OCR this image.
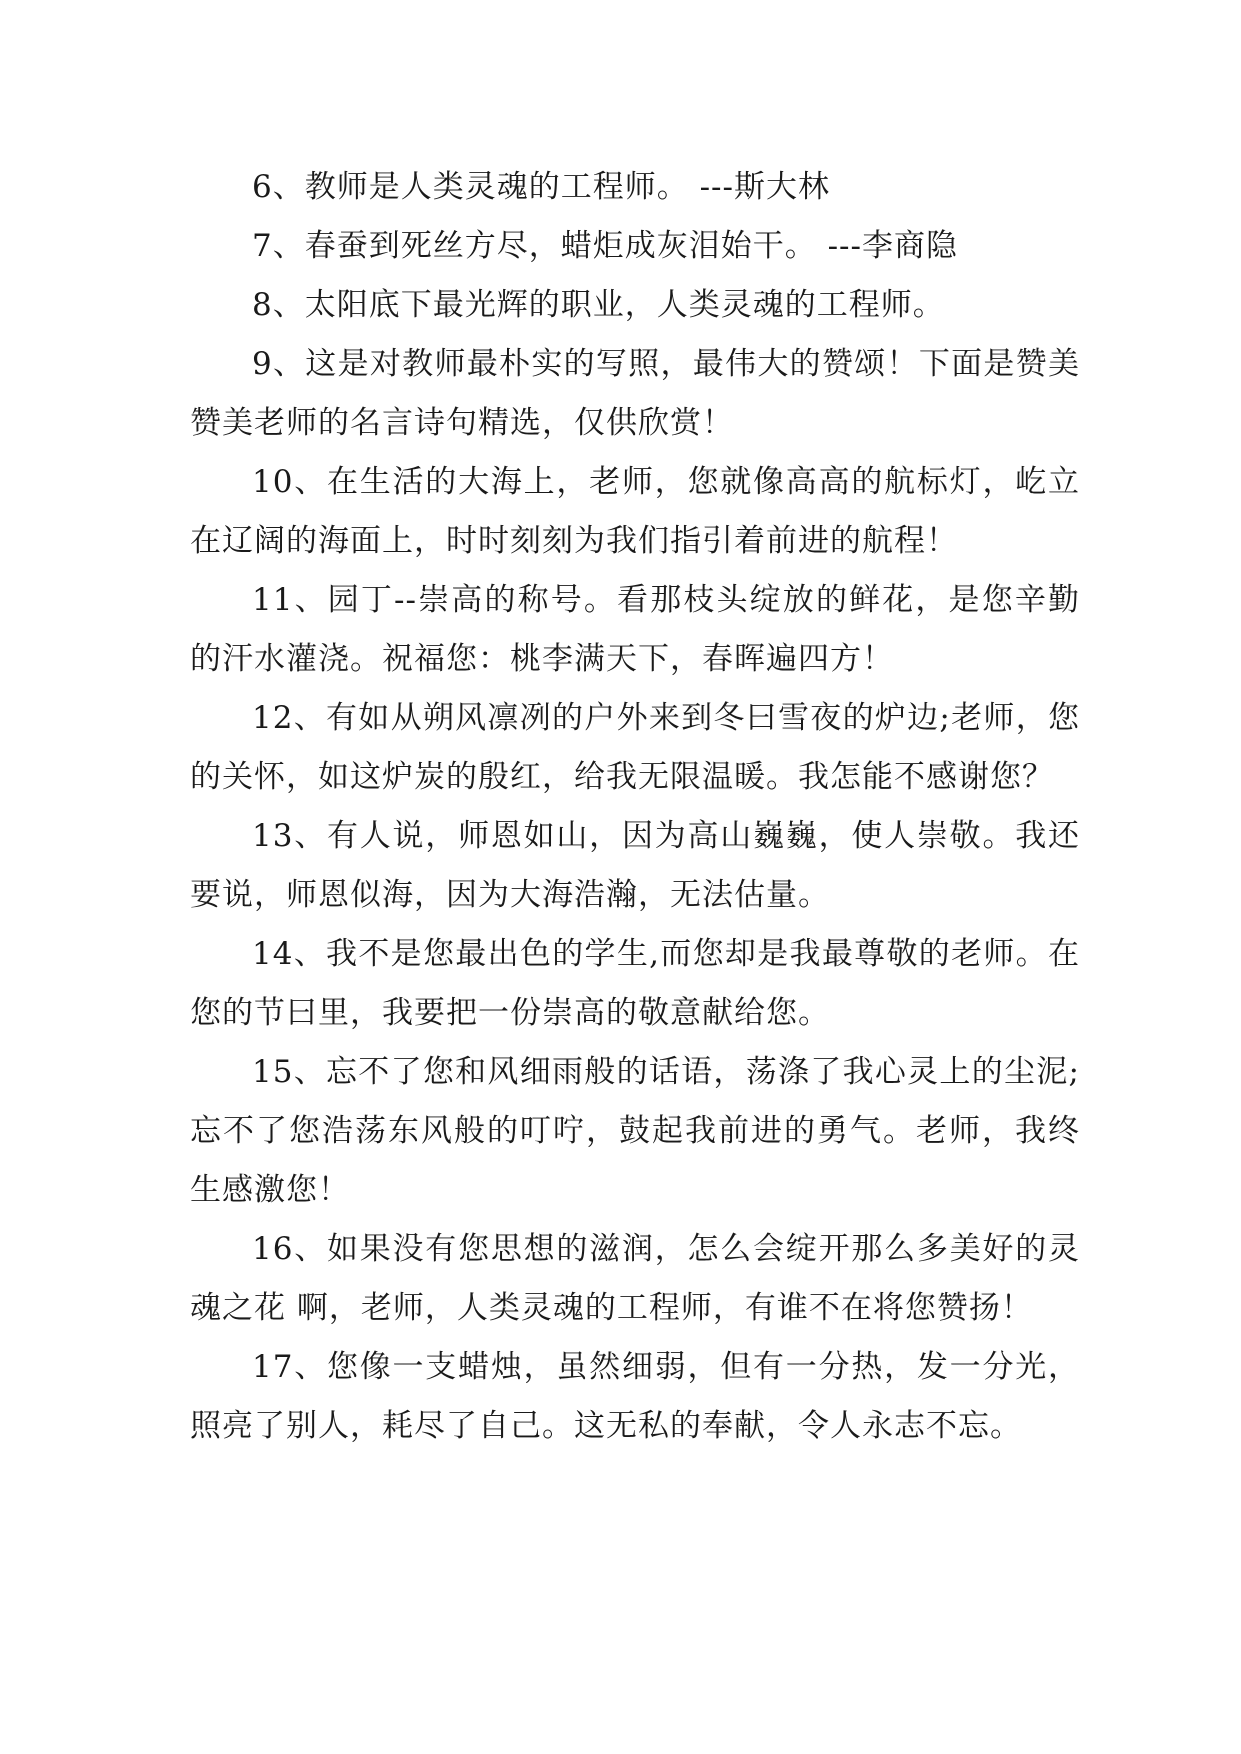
6、教师是人类灵魂的工程师。 ---斯大林

7、春蚕到死丝方尽，蜡炬成灰泪始干。 ---李商隐

8、太阳底下最光辉的职业，人类灵魂的工程师。

9、这是对教师最朴实的写照，最伟大的赞颂！下面是赞美赞美老师的名言诗句精选，仅供欣赏！

10、在生活的大海上，老师，您就像高高的航标灯，屹立在辽阔的海面上，时时刻刻为我们指引着前进的航程！

11、园丁--崇高的称号。看那枝头绽放的鲜花，是您辛勤的汗水灌浇。祝福您：桃李满天下，春晖遍四方！

12、有如从朔风凛冽的户外来到冬曰雪夜的炉边;老师，您的关怀，如这炉炭的殷红，给我无限温暖。我怎能不感谢您？

13、有人说，师恩如山，因为高山巍巍，使人崇敬。我还要说，师恩似海，因为大海浩瀚，无法估量。

14、我不是您最出色的学生,而您却是我最尊敬的老师。在您的节曰里，我要把一份崇高的敬意献给您。

15、忘不了您和风细雨般的话语，荡涤了我心灵上的尘泥;忘不了您浩荡东风般的叮咛，鼓起我前进的勇气。老师，我终生感激您！

16、如果没有您思想的滋润，怎么会绽开那么多美好的灵魂之花 啊，老师，人类灵魂的工程师，有谁不在将您赞扬！

17、您像一支蜡烛，虽然细弱，但有一分热，发一分光，照亮了别人，耗尽了自己。这无私的奉献，令人永志不忘。
